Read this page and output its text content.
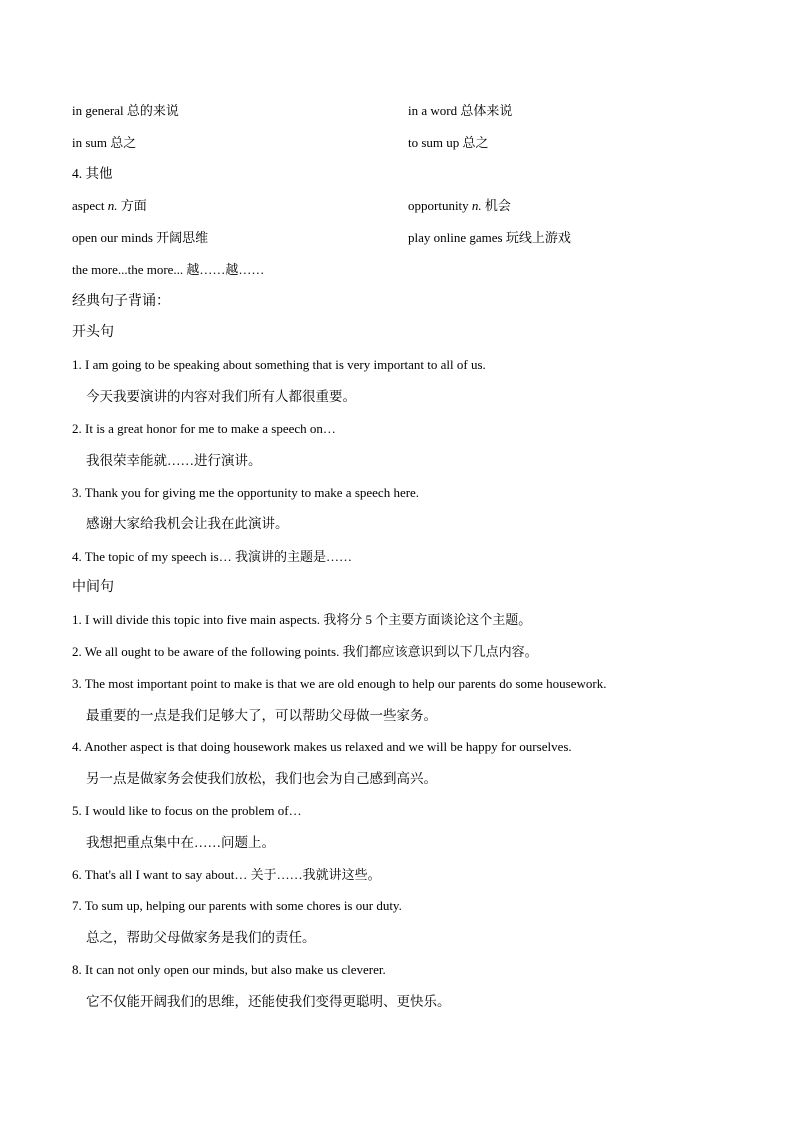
in general 总的来说	in a word 总体来说
in sum 总之	to sum up 总之
4. 其他
aspect n. 方面	opportunity n. 机会
open our minds 开阔思维	play online games 玩线上游戏
the more...the more... 越……越……
经典句子背诵：
开头句
1. I am going to be speaking about something that is very important to all of us.
今天我要演讲的内容对我们所有人都很重要。
2. It is a great honor for me to make a speech on…
我很荣幸能就……进行演讲。
3. Thank you for giving me the opportunity to make a speech here.
感谢大家给我机会让我在此演讲。
4. The topic of my speech is… 我演讲的主题是……
中间句
1. I will divide this topic into five main aspects. 我将分 5 个主要方面谈论这个主题。
2. We all ought to be aware of the following points. 我们都应该意识到以下几点内容。
3. The most important point to make is that we are old enough to help our parents do some housework.
最重要的一点是我们足够大了，可以帮助父母做一些家务。
4. Another aspect is that doing housework makes us relaxed and we will be happy for ourselves.
另一点是做家务会使我们放松，我们也会为自己感到高兴。
5. I would like to focus on the problem of…
我想把重点集中在……问题上。
6. That's all I want to say about… 关于……我就讲这些。
7. To sum up, helping our parents with some chores is our duty.
总之，帮助父母做家务是我们的责任。
8. It can not only open our minds, but also make us cleverer.
它不仅能开阔我们的思维，还能使我们变得更聪明、更快乐。
